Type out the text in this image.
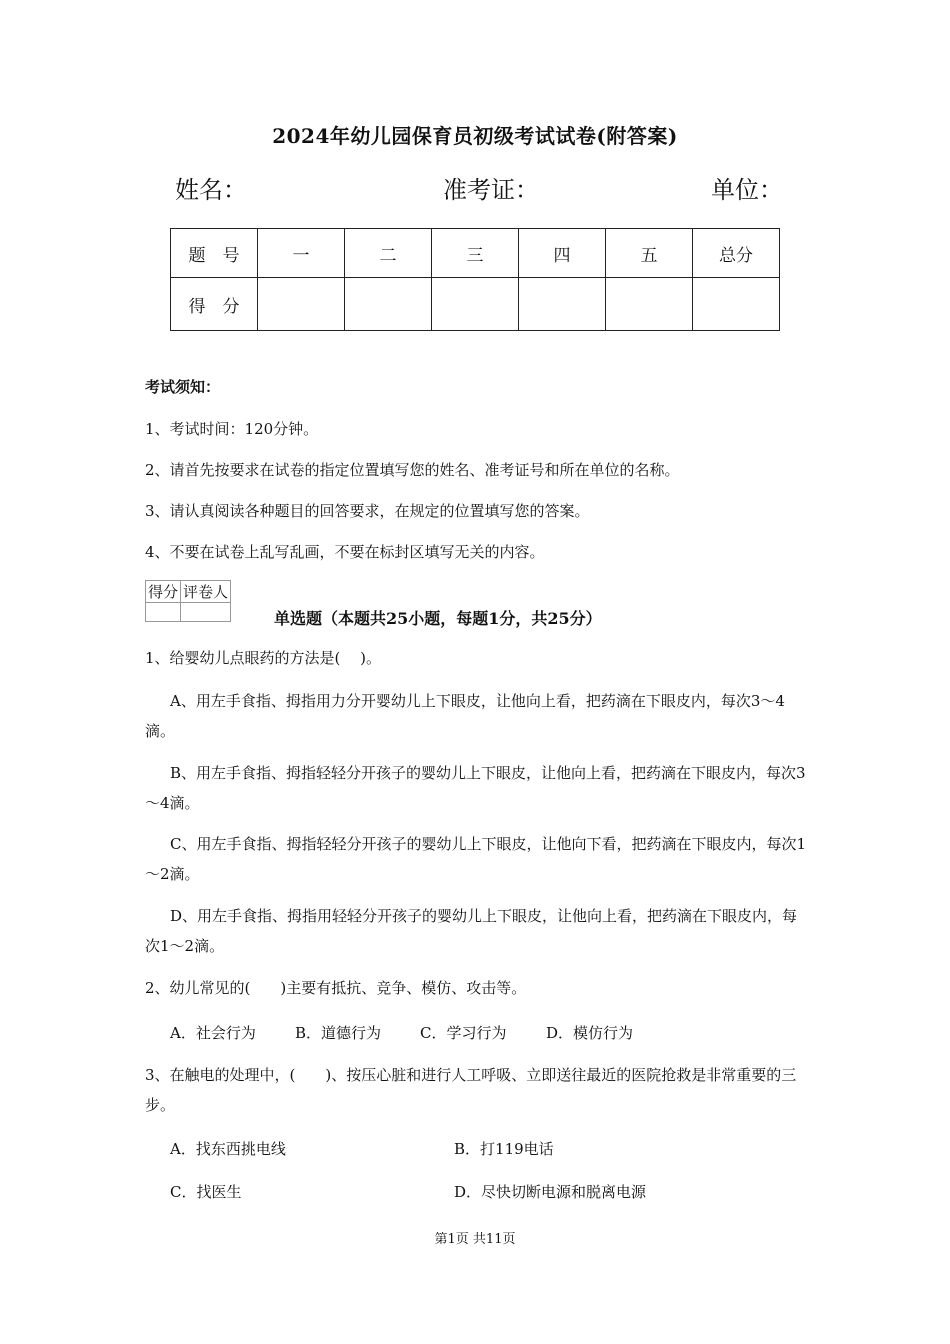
2024年幼儿园保育员初级考试试卷(附答案)
姓名：	准考证：	单位：
题　号	一	二	三	四	五	总分
得　分						
考试须知：
1、考试时间：120分钟。
2、请首先按要求在试卷的指定位置填写您的姓名、准考证号和所在单位的名称。
3、请认真阅读各种题目的回答要求，在规定的位置填写您的答案。
4、不要在试卷上乱写乱画，不要在标封区填写无关的内容。
得分	评卷人

单选题（本题共25小题，每题1分，共25分）
1、给婴幼儿点眼药的方法是(　 )。
A、用左手食指、拇指用力分开婴幼儿上下眼皮，让他向上看，把药滴在下眼皮内，每次3～4滴。
B、用左手食指、拇指轻轻分开孩子的婴幼儿上下眼皮，让他向上看，把药滴在下眼皮内，每次3～4滴。
C、用左手食指、拇指轻轻分开孩子的婴幼儿上下眼皮，让他向下看，把药滴在下眼皮内，每次1～2滴。
D、用左手食指、拇指用轻轻分开孩子的婴幼儿上下眼皮，让他向上看，把药滴在下眼皮内，每次1～2滴。
2、幼儿常见的(　　)主要有抵抗、竞争、模仿、攻击等。
A．社会行为	B．道德行为	C．学习行为	D．模仿行为
3、在触电的处理中，(　　)、按压心脏和进行人工呼吸、立即送往最近的医院抢救是非常重要的三步。
A．找东西挑电线	B．打119电话
C．找医生	D．尽快切断电源和脱离电源
第1页 共11页
